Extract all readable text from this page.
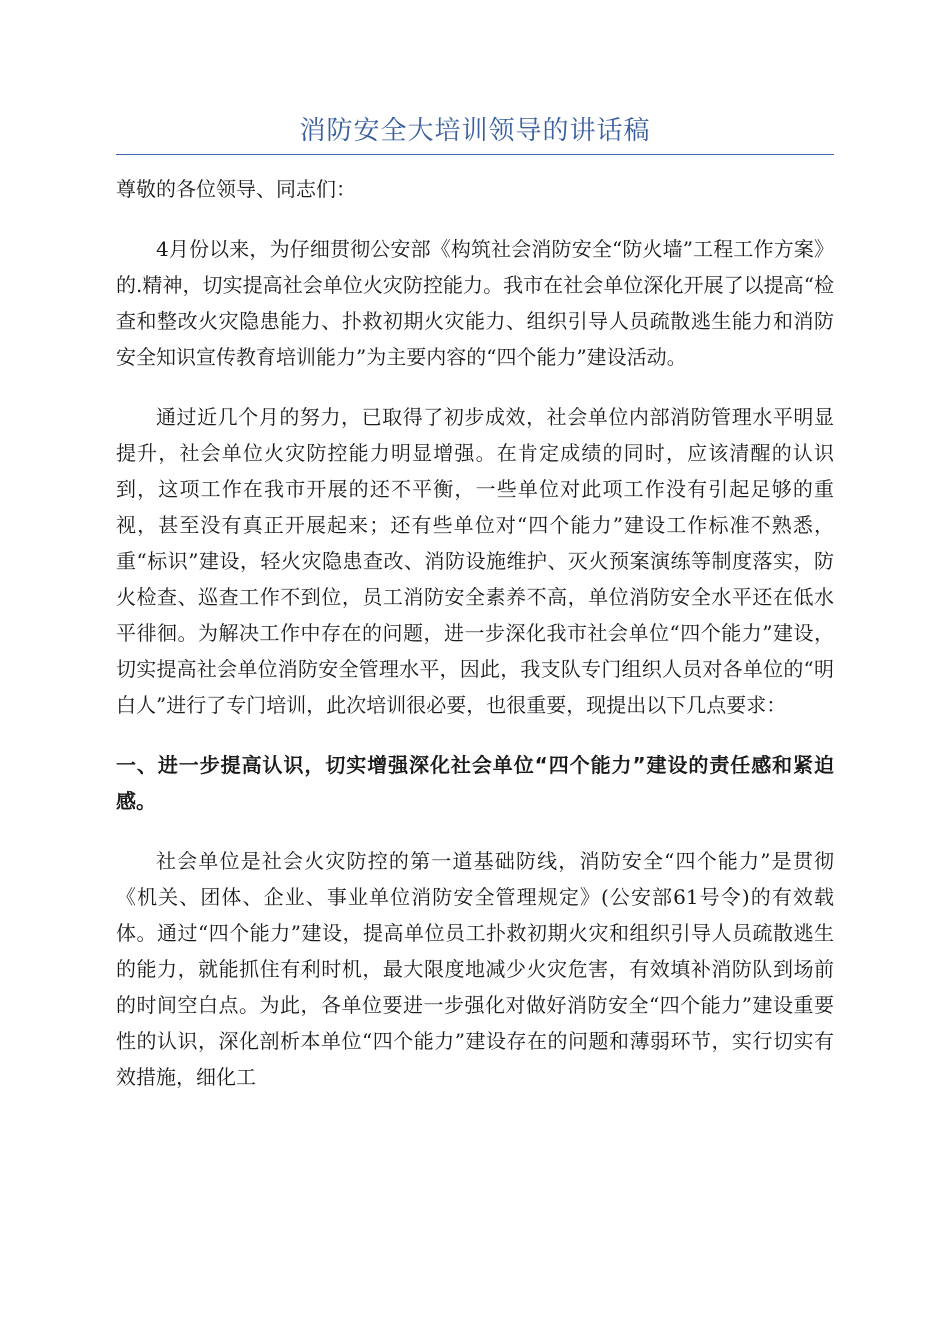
消防安全大培训领导的讲话稿

尊敬的各位领导、同志们：

4月份以来，为仔细贯彻公安部《构筑社会消防安全“防火墙”工程工作方案》的.精神，切实提高社会单位火灾防控能力。我市在社会单位深化开展了以提高“检查和整改火灾隐患能力、扑救初期火灾能力、组织引导人员疏散逃生能力和消防安全知识宣传教育培训能力”为主要内容的“四个能力”建设活动。

通过近几个月的努力，已取得了初步成效，社会单位内部消防管理水平明显提升，社会单位火灾防控能力明显增强。在肯定成绩的同时，应该清醒的认识到，这项工作在我市开展的还不平衡，一些单位对此项工作没有引起足够的重视，甚至没有真正开展起来；还有些单位对“四个能力”建设工作标准不熟悉，重“标识”建设，轻火灾隐患查改、消防设施维护、灭火预案演练等制度落实，防火检查、巡查工作不到位，员工消防安全素养不高，单位消防安全水平还在低水平徘徊。为解决工作中存在的问题，进一步深化我市社会单位“四个能力”建设，切实提高社会单位消防安全管理水平，因此，我支队专门组织人员对各单位的“明白人”进行了专门培训，此次培训很必要，也很重要，现提出以下几点要求：

一、进一步提高认识，切实增强深化社会单位“四个能力”建设的责任感和紧迫感。

社会单位是社会火灾防控的第一道基础防线，消防安全“四个能力”是贯彻《机关、团体、企业、事业单位消防安全管理规定》(公安部61号令)的有效载体。通过“四个能力”建设，提高单位员工扑救初期火灾和组织引导人员疏散逃生的能力，就能抓住有利时机，最大限度地减少火灾危害，有效填补消防队到场前的时间空白点。为此，各单位要进一步强化对做好消防安全“四个能力”建设重要性的认识，深化剖析本单位“四个能力”建设存在的问题和薄弱环节，实行切实有效措施，细化工
